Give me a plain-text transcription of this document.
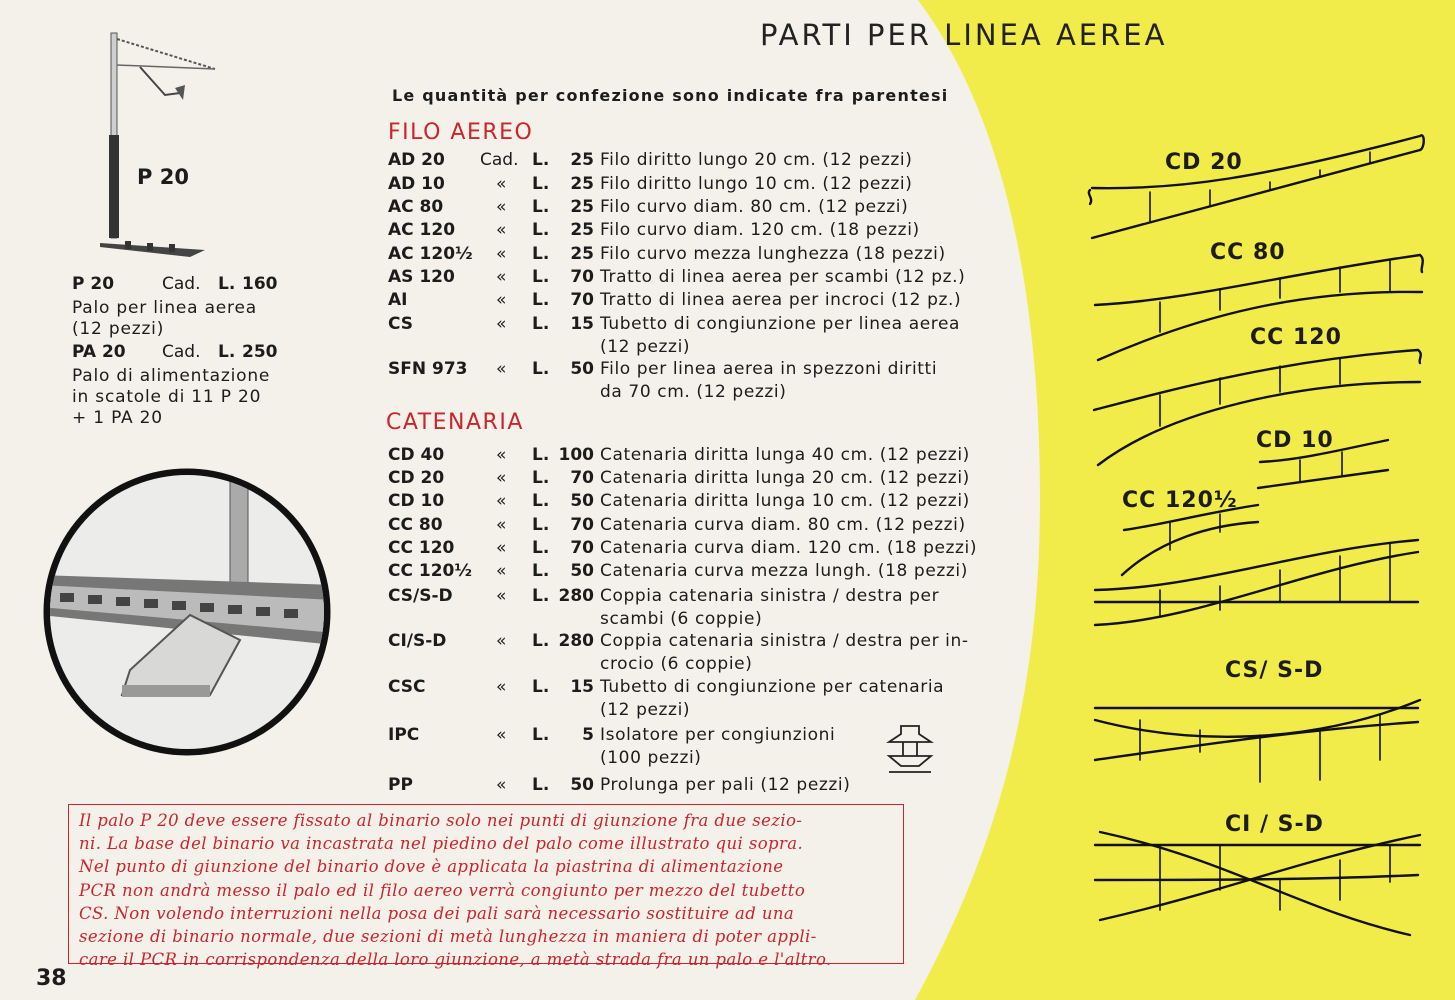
PARTI PER LINEA AEREA
Le quantità per confezione sono indicate fra parentesi
P 20
P 20	Cad. L. 160
Palo per linea aerea
(12 pezzi)
PA 20 Cad. L. 250
Palo di alimentazione
in scatole di 11 P 20
+ 1 PA 20
FILO AEREO
AD 20 Cad. L.	25 Filo diritto lungo 20 cm. (12 pezzi)
AD 10	« L.	25 Filo diritto lungo 10 cm. (12 pezzi)
AC 80	« L.	25 Filo curvo diam. 80 cm. (12 pezzi)
AC 120 « L.	25 Filo curvo diam. 120 cm. (18 pezzi)
AC 120½ « L.	25 Filo curvo mezza lunghezza (18 pezzi)
AS 120 « L.	70 Tratto di linea aerea per scambi (12 pz.)
AI	« L.	70 Tratto di linea aerea per incroci (12 pz.)
CS	« L.	15 Tubetto di congiunzione per linea aerea
(12 pezzi)
SFN 973 « L.	50 Filo per linea aerea in spezzoni diritti
da 70 cm. (12 pezzi)
CATENARIA
CD 40	« L. 100 Catenaria diritta lunga 40 cm. (12 pezzi)
CD 20	« L.	70 Catenaria diritta lunga 20 cm. (12 pezzi)
CD 10	« L.	50 Catenaria diritta lunga 10 cm. (12 pezzi)
CC 80	« L.	70 Catenaria curva diam. 80 cm. (12 pezzi)
CC 120 « L.	70 Catenaria curva diam. 120 cm. (18 pezzi)
CC 120½ « L.	50 Catenaria curva mezza lungh. (18 pezzi)
CS/S-D	« L. 280 Coppia catenaria sinistra / destra per
scambi (6 coppie)
CI/S-D	« L. 280 Coppia catenaria sinistra / destra per in-
crocio (6 coppie)
CSC	« L.	15 Tubetto di congiunzione per catenaria
(12 pezzi)
IPC	« L.	5 Isolatore per congiunzioni
(100 pezzi)
PP	« L.	50 Prolunga per pali (12 pezzi)
Il palo P 20 deve essere fissato al binario solo nei punti di giunzione fra due sezio-
ni. La base del binario va incastrata nel piedino del palo come illustrato qui sopra.
Nel punto di giunzione del binario dove è applicata la piastrina di alimentazione
PCR non andrà messo il palo ed il filo aereo verrà congiunto per mezzo del tubetto
CS. Non volendo interruzioni nella posa dei pali sarà necessario sostituire ad una
sezione di binario normale, due sezioni di metà lunghezza in maniera di poter appli-
care il PCR in corrispondenza della loro giunzione, a metà strada fra un palo e l'altro.
38
CD 20
CC 80
CC 120
CD 10
CC 120½
CS/ S-D
CI / S-D
